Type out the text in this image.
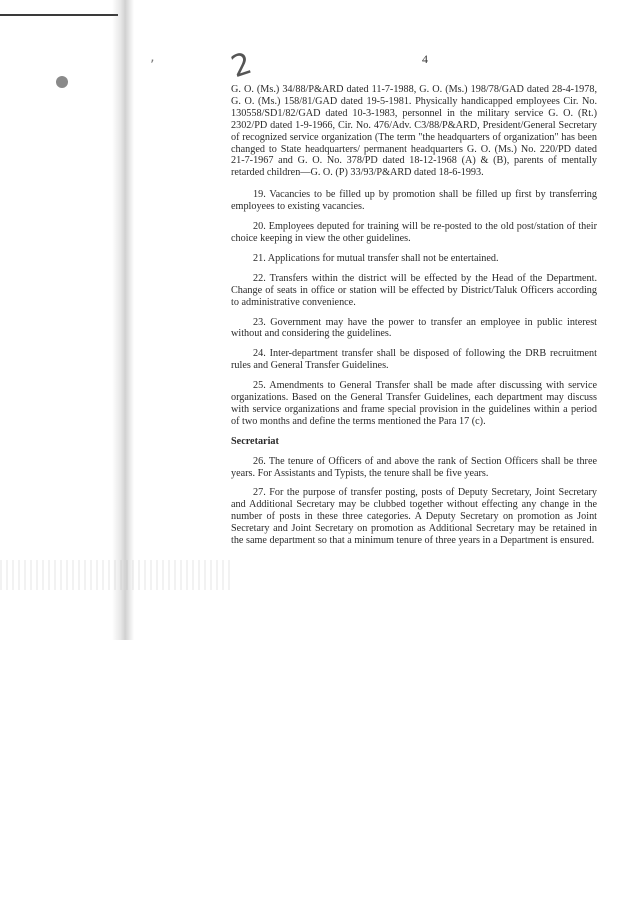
’ 2	4

G. O. (Ms.) 34/88/P&ARD dated 11-7-1988, G. O. (Ms.) 198/78/GAD dated 28-4-1978, G. O. (Ms.) 158/81/GAD dated 19-5-1981. Physically handicapped employees Cir. No. 130558/SD1/82/GAD dated 10-3-1983, personnel in the military service G. O. (Rt.) 2302/PD dated 1-9-1966, Cir. No. 476/Adv. C3/88/P&ARD, President/General Secretary of recognized service organization (The term "the headquarters of organization" has been changed to State headquarters/ permanent headquarters G. O. (Ms.) No. 220/PD dated 21-7-1967 and G. O. No. 378/PD dated 18-12-1968 (A) & (B), parents of mentally retarded children—G. O. (P) 33/93/P&ARD dated 18-6-1993.

19. Vacancies to be filled up by promotion shall be filled up first by transferring employees to existing vacancies.

20. Employees deputed for training will be re-posted to the old post/station of their choice keeping in view the other guidelines.

21. Applications for mutual transfer shall not be entertained.

22. Transfers within the district will be effected by the Head of the Department. Change of seats in office or station will be effected by District/Taluk Officers according to administrative convenience.

23. Government may have the power to transfer an employee in public interest without and considering the guidelines.

24. Inter-department transfer shall be disposed of following the DRB recruitment rules and General Transfer Guidelines.

25. Amendments to General Transfer shall be made after discussing with service organizations. Based on the General Transfer Guidelines, each department may discuss with service organizations and frame special provision in the guidelines within a period of two months and define the terms mentioned the Para 17 (c).

Secretariat

26. The tenure of Officers of and above the rank of Section Officers shall be three years. For Assistants and Typists, the tenure shall be five years.

27. For the purpose of transfer posting, posts of Deputy Secretary, Joint Secretary and Additional Secretary may be clubbed together without effecting any change in the number of posts in these three categories. A Deputy Secretary on promotion as Joint Secretary and Joint Secretary on promotion as Additional Secretary may be retained in the same department so that a minimum tenure of three years in a Department is ensured.
